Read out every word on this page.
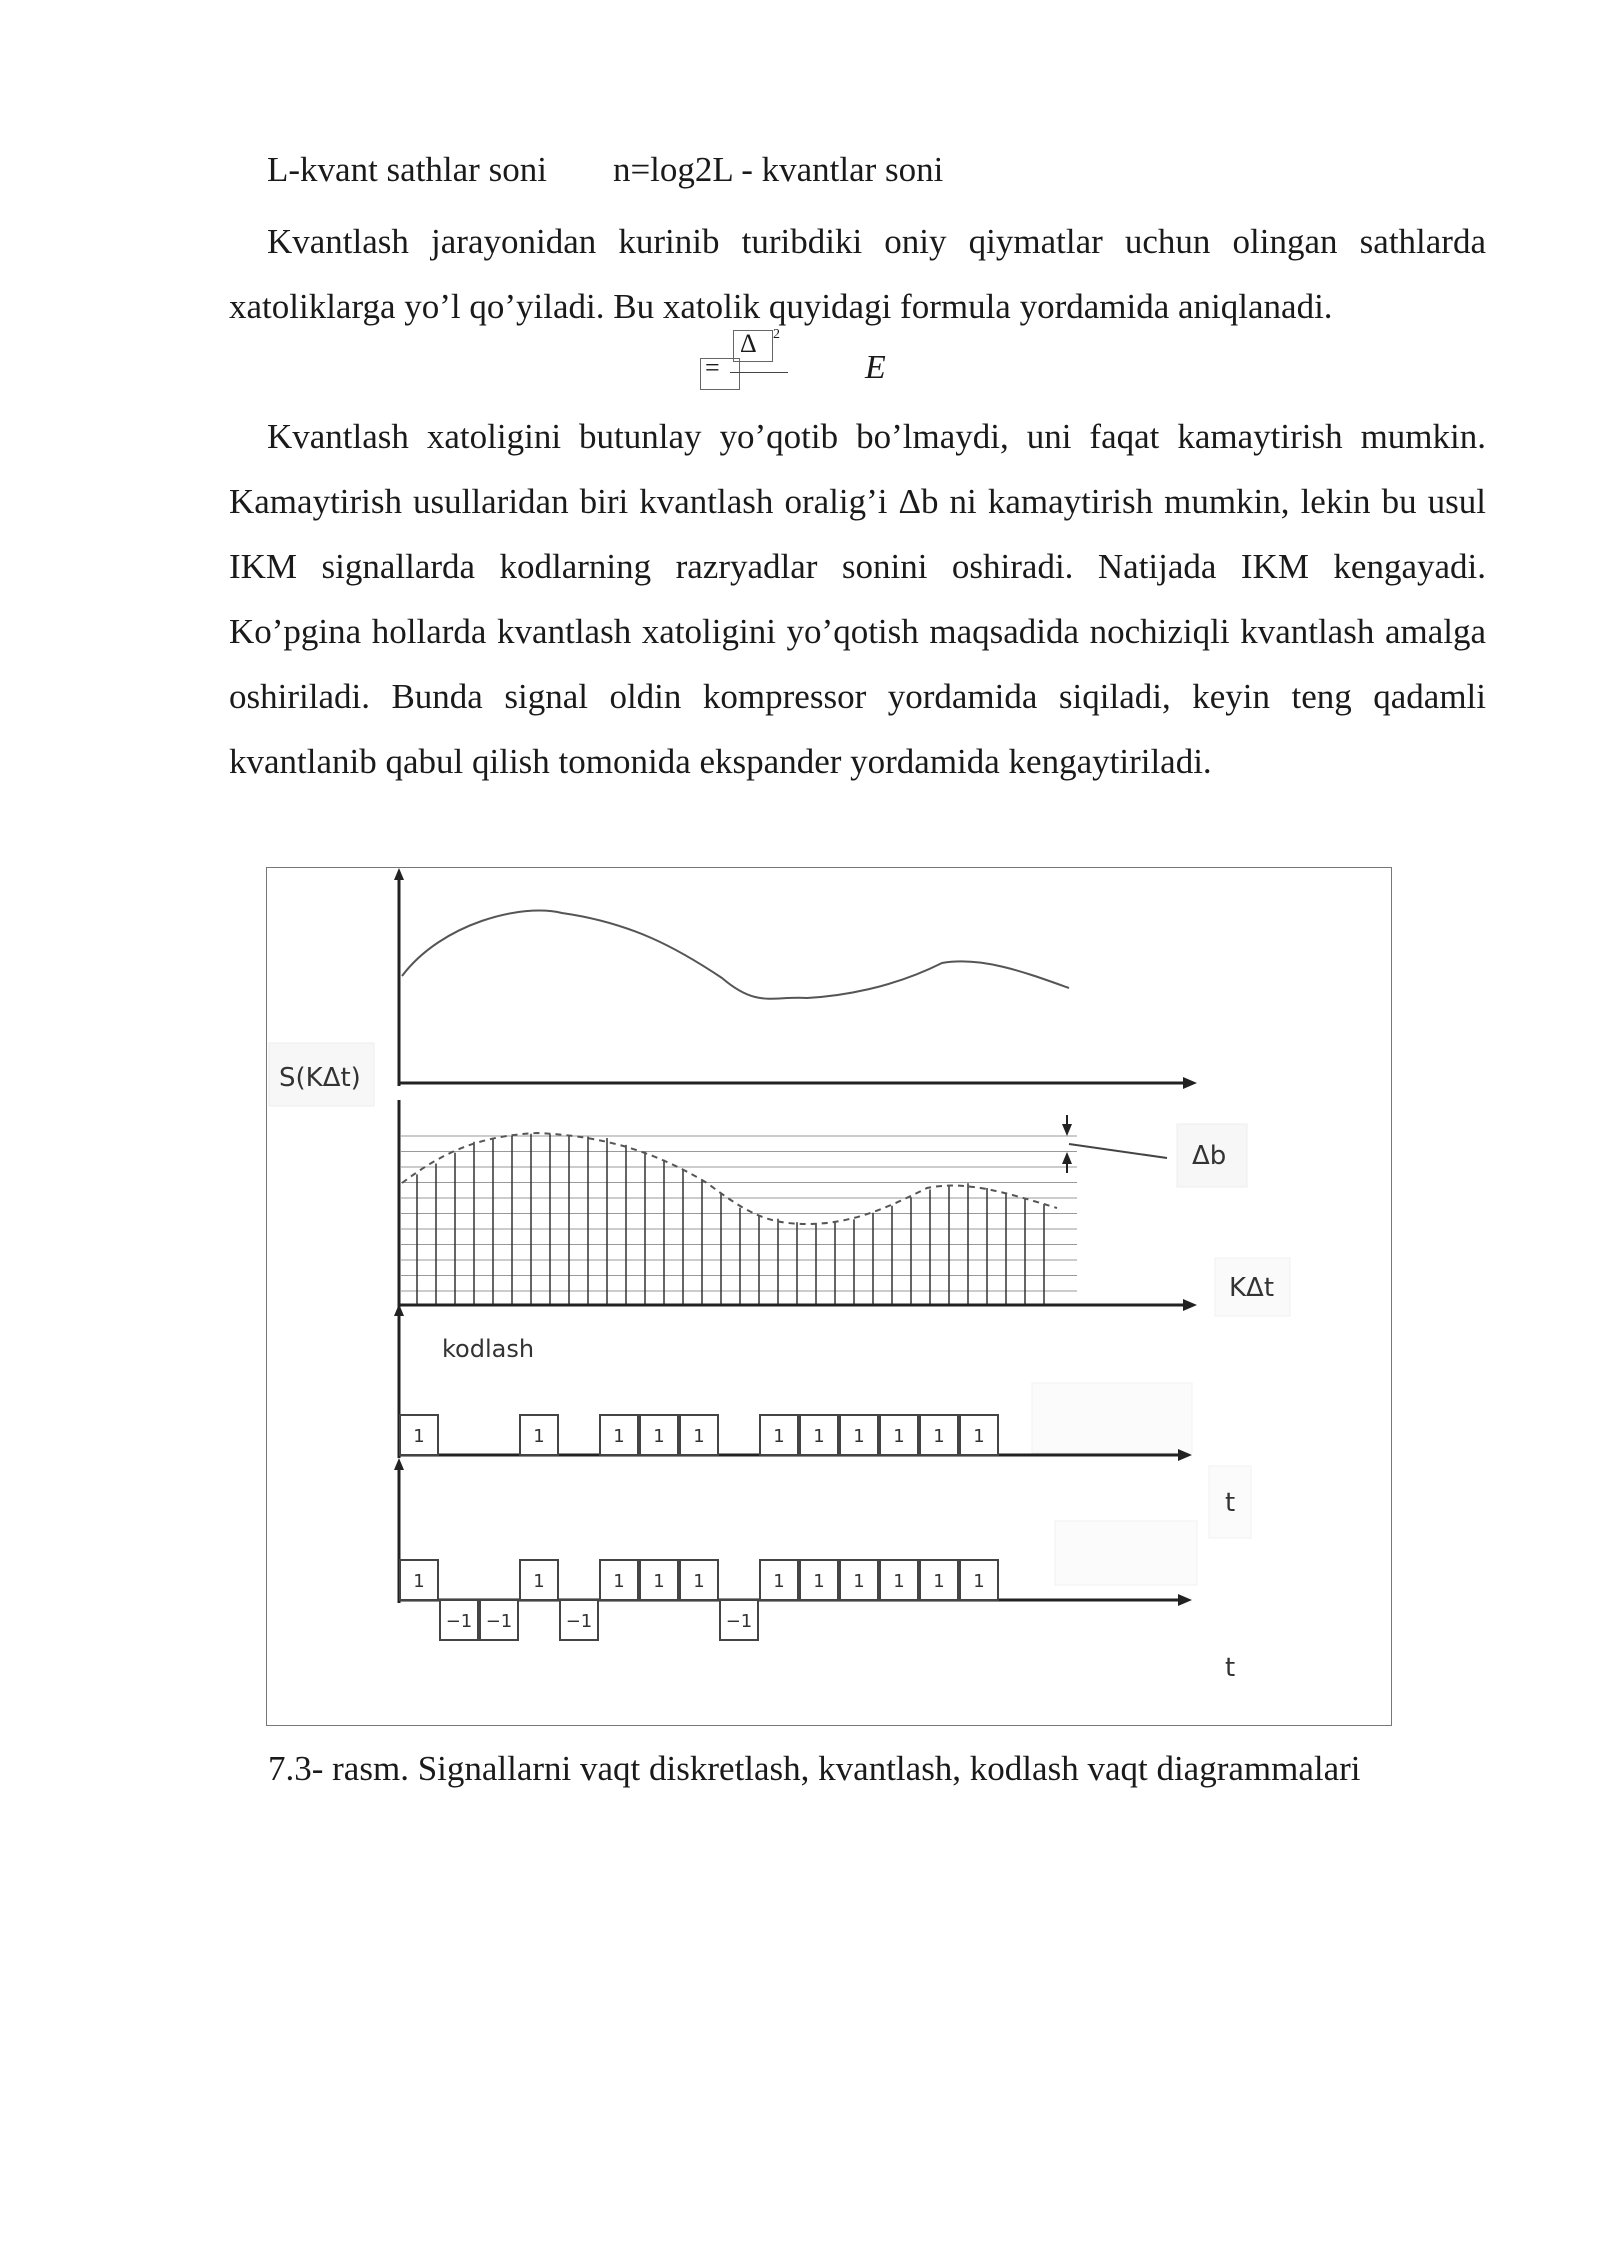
L-kvant sathlar soni n=log2L - kvantlar soni

Kvantlash jarayonidan kurinib turibdiki oniy qiymatlar uchun olingan sathlarda xatoliklarga yo’l qo’yiladi. Bu xatolik quyidagi formula yordamida aniqlanadi.

=
Δ 2
E

Kvantlash xatoligini butunlay yo’qotib bo’lmaydi, uni faqat kamaytirish mumkin. Kamaytirish usullaridan biri kvantlash oralig’i Δb ni kamaytirish mumkin, lekin bu usul IKM signallarda kodlarning razryadlar sonini oshiradi. Natijada IKM kengayadi. Ko’pgina hollarda kvantlash xatoligini yo’qotish maqsadida nochiziqli kvantlash amalga oshiriladi. Bunda signal oldin kompressor yordamida siqiladi, keyin teng qadamli kvantlanib qabul qilish tomonida ekspander yordamida kengaytiriladi.

S(KΔt)
Δb
KΔt
kodlash
t
t
1	1	1 1 1	1 1 1 1 1 1
1
−1 −1
1
−1
1 1 1
−1
1 1 1 1 1 1
7.3- rasm. Signallarni vaqt diskretlash, kvantlash, kodlash vaqt diagrammalari
